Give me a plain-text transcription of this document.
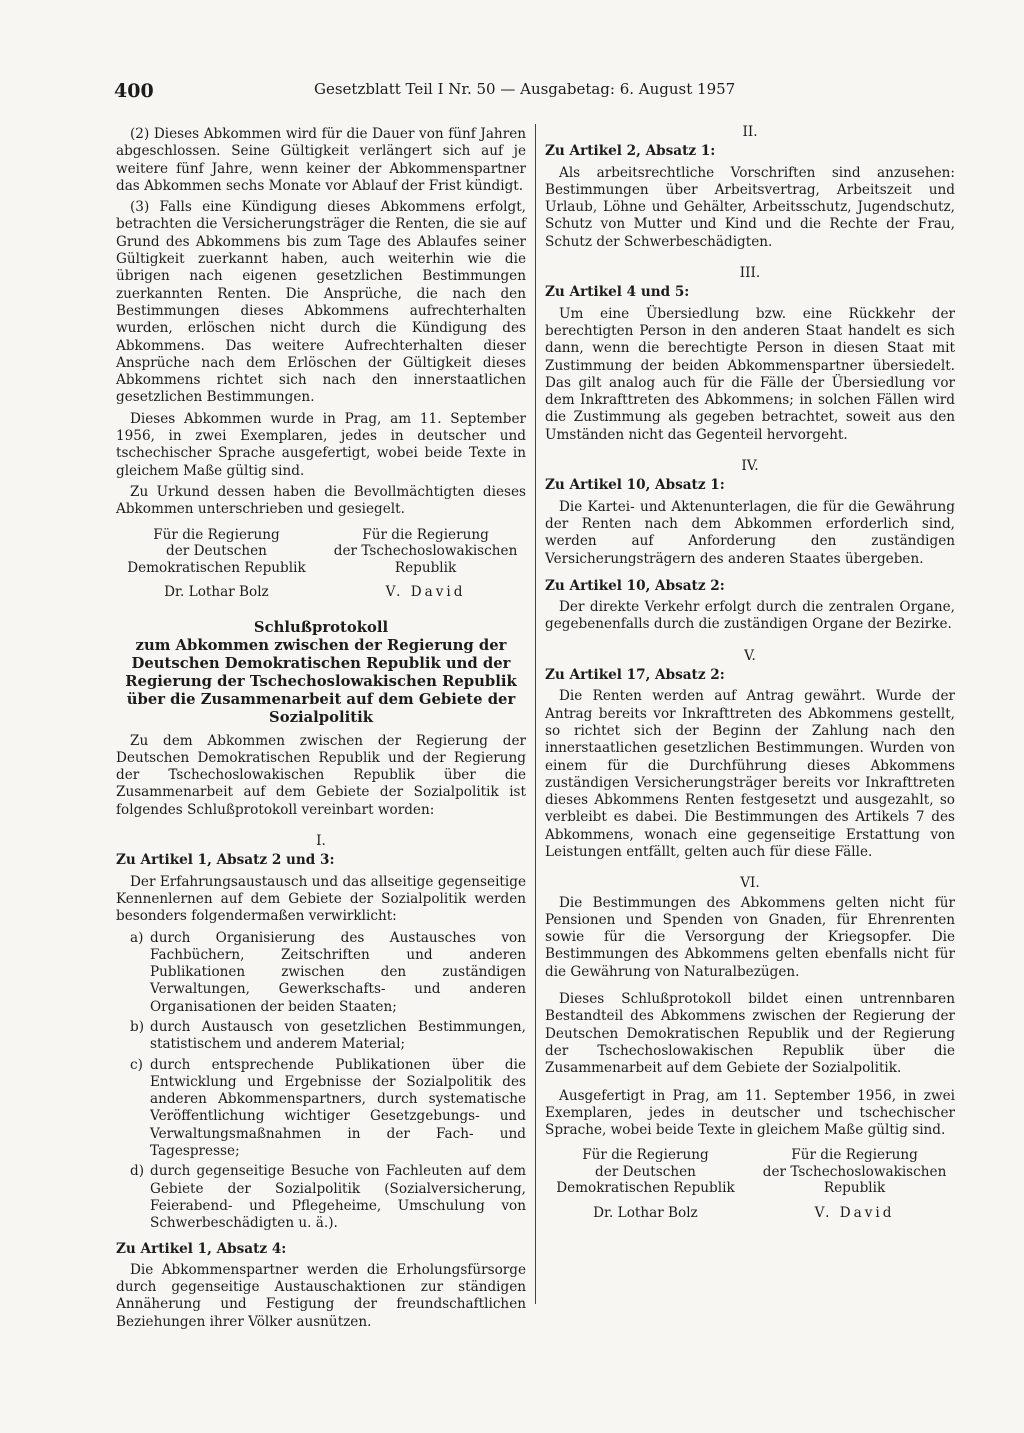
400	Gesetzblatt Teil I Nr. 50 — Ausgabetag: 6. August 1957

(2) Dieses Abkommen wird für die Dauer von fünf Jahren abgeschlossen. Seine Gültigkeit verlängert sich auf je weitere fünf Jahre, wenn keiner der Abkommenspartner das Abkommen sechs Monate vor Ablauf der Frist kündigt.

(3) Falls eine Kündigung dieses Abkommens erfolgt, betrachten die Versicherungsträger die Renten, die sie auf Grund des Abkommens bis zum Tage des Ablaufes seiner Gültigkeit zuerkannt haben, auch weiterhin wie die übrigen nach eigenen gesetzlichen Bestimmungen zuerkannten Renten. Die Ansprüche, die nach den Bestimmungen dieses Abkommens aufrechterhalten wurden, erlöschen nicht durch die Kündigung des Abkommens. Das weitere Aufrechterhalten dieser Ansprüche nach dem Erlöschen der Gültigkeit dieses Abkommens richtet sich nach den innerstaatlichen gesetzlichen Bestimmungen.

Dieses Abkommen wurde in Prag, am 11. September 1956, in zwei Exemplaren, jedes in deutscher und tschechischer Sprache ausgefertigt, wobei beide Texte in gleichem Maße gültig sind.

Zu Urkund dessen haben die Bevollmächtigten dieses Abkommen unterschrieben und gesiegelt.

Für die Regierung
der Deutschen
Demokratischen Republik
Dr. Lothar Bolz
Für die Regierung
der Tschechoslowakischen
Republik
V. David
Schlußprotokoll
zum Abkommen zwischen der Regierung der Deutschen Demokratischen Republik und der Regierung der Tschechoslowakischen Republik über die Zusammenarbeit auf dem Gebiete der Sozialpolitik

Zu dem Abkommen zwischen der Regierung der Deutschen Demokratischen Republik und der Regierung der Tschechoslowakischen Republik über die Zusammenarbeit auf dem Gebiete der Sozialpolitik ist folgendes Schlußprotokoll vereinbart worden:

I.
Zu Artikel 1, Absatz 2 und 3:

Der Erfahrungsaustausch und das allseitige gegenseitige Kennenlernen auf dem Gebiete der Sozialpolitik werden besonders folgendermaßen verwirklicht:

a) durch Organisierung des Austausches von Fachbüchern, Zeitschriften und anderen Publikationen zwischen den zuständigen Verwaltungen, Gewerkschafts- und anderen Organisationen der beiden Staaten;
b) durch Austausch von gesetzlichen Bestimmungen, statistischem und anderem Material;
c) durch entsprechende Publikationen über die Entwicklung und Ergebnisse der Sozialpolitik des anderen Abkommenspartners, durch systematische Veröffentlichung wichtiger Gesetzgebungs- und Verwaltungsmaßnahmen in der Fach- und Tagespresse;
d) durch gegenseitige Besuche von Fachleuten auf dem Gebiete der Sozialpolitik (Sozialversicherung, Feierabend- und Pflegeheime, Umschulung von Schwerbeschädigten u. ä.).
Zu Artikel 1, Absatz 4:

Die Abkommenspartner werden die Erholungsfürsorge durch gegenseitige Austauschaktionen zur ständigen Annäherung und Festigung der freundschaftlichen Beziehungen ihrer Völker ausnützen.

II.
Zu Artikel 2, Absatz 1:

Als arbeitsrechtliche Vorschriften sind anzusehen: Bestimmungen über Arbeitsvertrag, Arbeitszeit und Urlaub, Löhne und Gehälter, Arbeitsschutz, Jugendschutz, Schutz von Mutter und Kind und die Rechte der Frau, Schutz der Schwerbeschädigten.

III.
Zu Artikel 4 und 5:

Um eine Übersiedlung bzw. eine Rückkehr der berechtigten Person in den anderen Staat handelt es sich dann, wenn die berechtigte Person in diesen Staat mit Zustimmung der beiden Abkommenspartner übersiedelt. Das gilt analog auch für die Fälle der Übersiedlung vor dem Inkrafttreten des Abkommens; in solchen Fällen wird die Zustimmung als gegeben betrachtet, soweit aus den Umständen nicht das Gegenteil hervorgeht.

IV.
Zu Artikel 10, Absatz 1:

Die Kartei- und Aktenunterlagen, die für die Gewährung der Renten nach dem Abkommen erforderlich sind, werden auf Anforderung den zuständigen Versicherungsträgern des anderen Staates übergeben.

Zu Artikel 10, Absatz 2:

Der direkte Verkehr erfolgt durch die zentralen Organe, gegebenenfalls durch die zuständigen Organe der Bezirke.

V.
Zu Artikel 17, Absatz 2:

Die Renten werden auf Antrag gewährt. Wurde der Antrag bereits vor Inkrafttreten des Abkommens gestellt, so richtet sich der Beginn der Zahlung nach den innerstaatlichen gesetzlichen Bestimmungen. Wurden von einem für die Durchführung dieses Abkommens zuständigen Versicherungsträger bereits vor Inkrafttreten dieses Abkommens Renten festgesetzt und ausgezahlt, so verbleibt es dabei. Die Bestimmungen des Artikels 7 des Abkommens, wonach eine gegenseitige Erstattung von Leistungen entfällt, gelten auch für diese Fälle.

VI.

Die Bestimmungen des Abkommens gelten nicht für Pensionen und Spenden von Gnaden, für Ehrenrenten sowie für die Versorgung der Kriegsopfer. Die Bestimmungen des Abkommens gelten ebenfalls nicht für die Gewährung von Naturalbezügen.

Dieses Schlußprotokoll bildet einen untrennbaren Bestandteil des Abkommens zwischen der Regierung der Deutschen Demokratischen Republik und der Regierung der Tschechoslowakischen Republik über die Zusammenarbeit auf dem Gebiete der Sozialpolitik.

Ausgefertigt in Prag, am 11. September 1956, in zwei Exemplaren, jedes in deutscher und tschechischer Sprache, wobei beide Texte in gleichem Maße gültig sind.

Für die Regierung
der Deutschen
Demokratischen Republik
Dr. Lothar Bolz
Für die Regierung
der Tschechoslowakischen
Republik
V. David
